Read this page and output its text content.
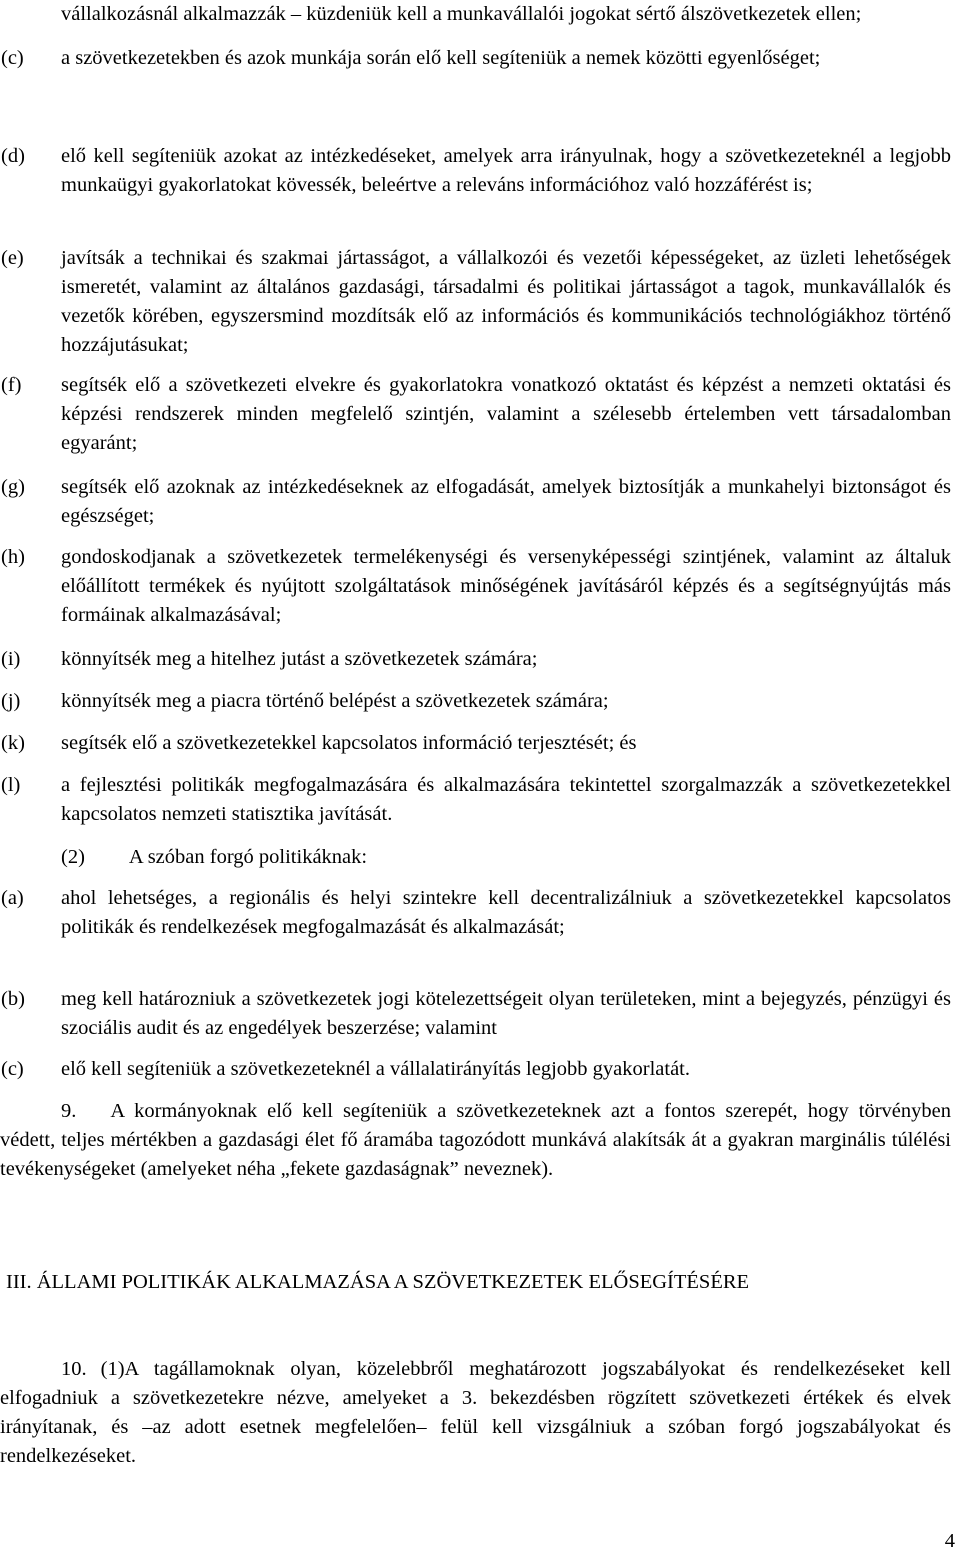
vállalkozásnál alkalmazzák – küzdeniük kell a munkavállalói jogokat sértő álszövetkezetek ellen;
(c) a szövetkezetekben és azok munkája során elő kell segíteniük a nemek közötti egyenlőséget;
(d) elő kell segíteniük azokat az intézkedéseket, amelyek arra irányulnak, hogy a szövetkezeteknél a legjobb munkaügyi gyakorlatokat kövessék, beleértve a releváns információhoz való hozzáférést is;
(e) javítsák a technikai és szakmai jártasságot, a vállalkozói és vezetői képességeket, az üzleti lehetőségek ismeretét, valamint az általános gazdasági, társadalmi és politikai jártasságot a tagok, munkavállalók és vezetők körében, egyszersmind mozdítsák elő az információs és kommunikációs technológiákhoz történő hozzájutásukat;
(f) segítsék elő a szövetkezeti elvekre és gyakorlatokra vonatkozó oktatást és képzést a nemzeti oktatási és képzési rendszerek minden megfelelő szintjén, valamint a szélesebb értelemben vett társadalomban egyaránt;
(g) segítsék elő azoknak az intézkedéseknek az elfogadását, amelyek biztosítják a munkahelyi biztonságot és egészséget;
(h) gondoskodjanak a szövetkezetek termelékenységi és versenyképességi szintjének, valamint az általuk előállított termékek és nyújtott szolgáltatások minőségének javításáról képzés és a segítségnyújtás más formáinak alkalmazásával;
(i) könnyítsék meg a hitelhez jutást a szövetkezetek számára;
(j) könnyítsék meg a piacra történő belépést a szövetkezetek számára;
(k) segítsék elő a szövetkezetekkel kapcsolatos információ terjesztését; és
(l) a fejlesztési politikák megfogalmazására és alkalmazására tekintettel szorgalmazzák a szövetkezetekkel kapcsolatos nemzeti statisztika javítását.
(2) A szóban forgó politikáknak:
(a) ahol lehetséges, a regionális és helyi szintekre kell decentralizálniuk a szövetkezetekkel kapcsolatos politikák és rendelkezések megfogalmazását és alkalmazását;
(b) meg kell határozniuk a szövetkezetek jogi kötelezettségeit olyan területeken, mint a bejegyzés, pénzügyi és szociális audit és az engedélyek beszerzése; valamint
(c) elő kell segíteniük a szövetkezeteknél a vállalatirányítás legjobb gyakorlatát.
9. A kormányoknak elő kell segíteniük a szövetkezeteknek azt a fontos szerepét, hogy törvényben védett, teljes mértékben a gazdasági élet fő áramába tagozódott munkává alakítsák át a gyakran marginális túlélési tevékenységeket (amelyeket néha „fekete gazdaságnak” neveznek).
III. ÁLLAMI POLITIKÁK ALKALMAZÁSA A SZÖVETKEZETEK ELŐSEGÍTÉSÉRE
10. (1)A tagállamoknak olyan, közelebbről meghatározott jogszabályokat és rendelkezéseket kell elfogadniuk a szövetkezetekre nézve, amelyeket a 3. bekezdésben rögzített szövetkezeti értékek és elvek irányítanak, és –az adott esetnek megfelelően– felül kell vizsgálniuk a szóban forgó jogszabályokat és rendelkezéseket.
4
